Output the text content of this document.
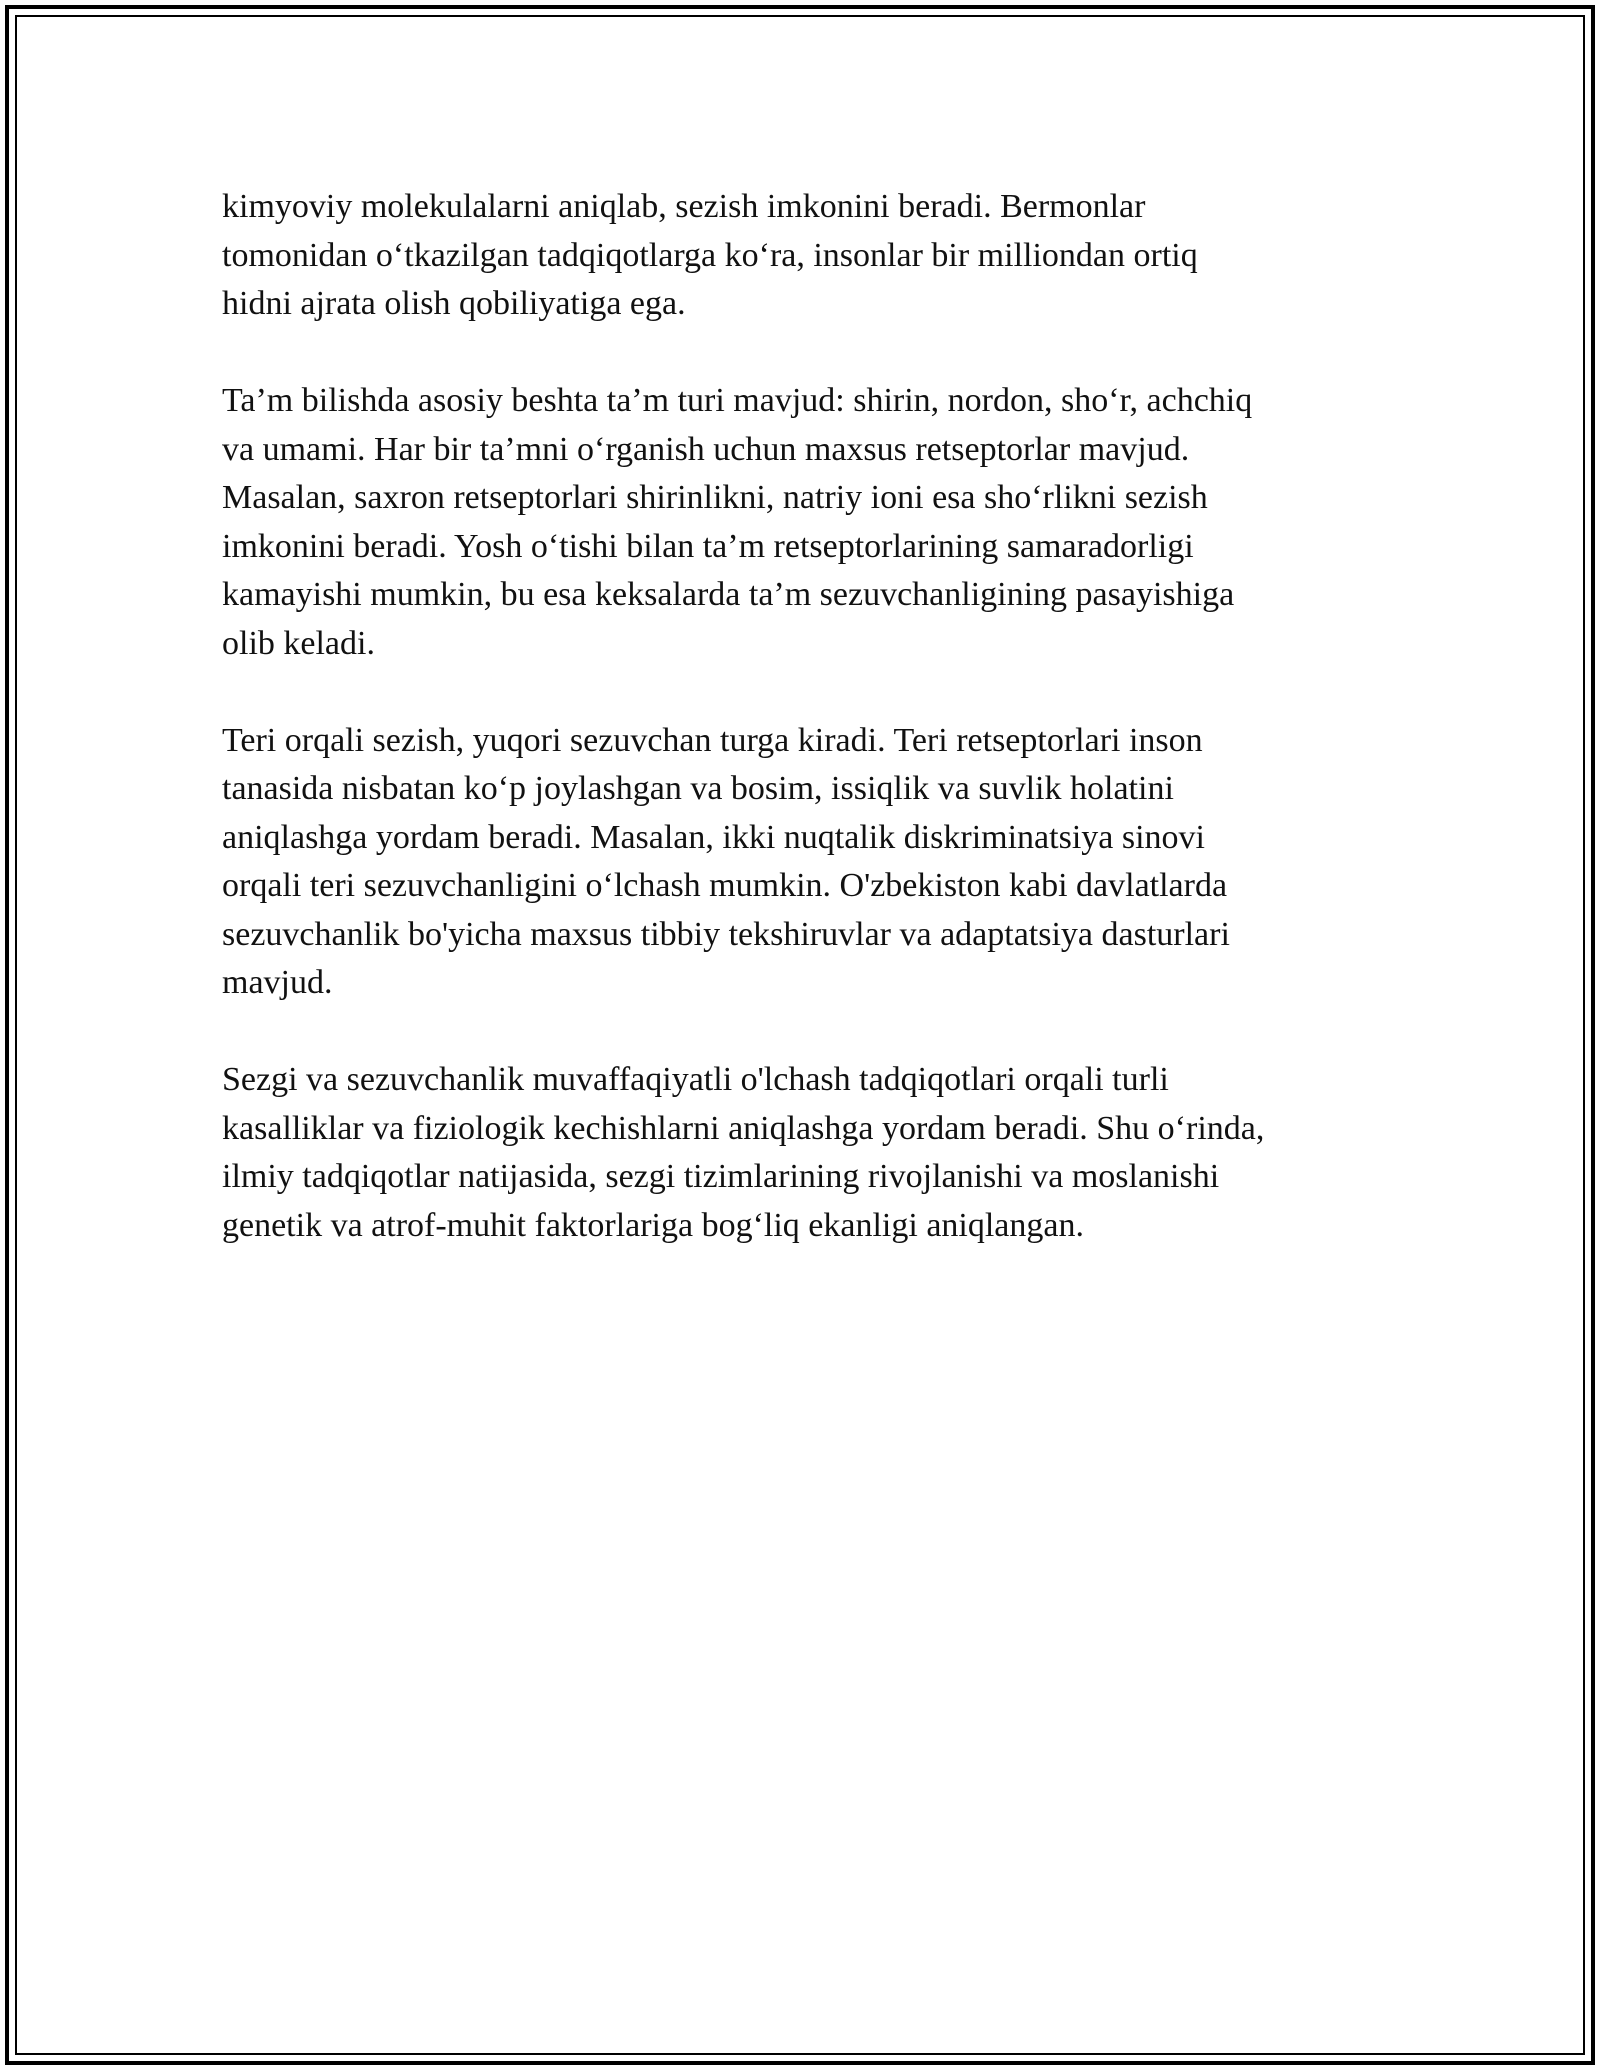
kimyoviy molekulalarni aniqlab, sezish imkonini beradi. Bermonlar
tomonidan o‘tkazilgan tadqiqotlarga ko‘ra, insonlar bir milliondan ortiq
hidni ajrata olish qobiliyatiga ega.

Ta’m bilishda asosiy beshta ta’m turi mavjud: shirin, nordon, sho‘r, achchiq
va umami. Har bir ta’mni o‘rganish uchun maxsus retseptorlar mavjud.
Masalan, saxron retseptorlari shirinlikni, natriy ioni esa sho‘rlikni sezish
imkonini beradi. Yosh o‘tishi bilan ta’m retseptorlarining samaradorligi
kamayishi mumkin, bu esa keksalarda ta’m sezuvchanligining pasayishiga
olib keladi.

Teri orqali sezish, yuqori sezuvchan turga kiradi. Teri retseptorlari inson
tanasida nisbatan ko‘p joylashgan va bosim, issiqlik va suvlik holatini
aniqlashga yordam beradi. Masalan, ikki nuqtalik diskriminatsiya sinovi
orqali teri sezuvchanligini o‘lchash mumkin. O'zbekiston kabi davlatlarda
sezuvchanlik bo'yicha maxsus tibbiy tekshiruvlar va adaptatsiya dasturlari
mavjud.

Sezgi va sezuvchanlik muvaffaqiyatli o'lchash tadqiqotlari orqali turli
kasalliklar va fiziologik kechishlarni aniqlashga yordam beradi. Shu o‘rinda,
ilmiy tadqiqotlar natijasida, sezgi tizimlarining rivojlanishi va moslanishi
genetik va atrof-muhit faktorlariga bog‘liq ekanligi aniqlangan.
